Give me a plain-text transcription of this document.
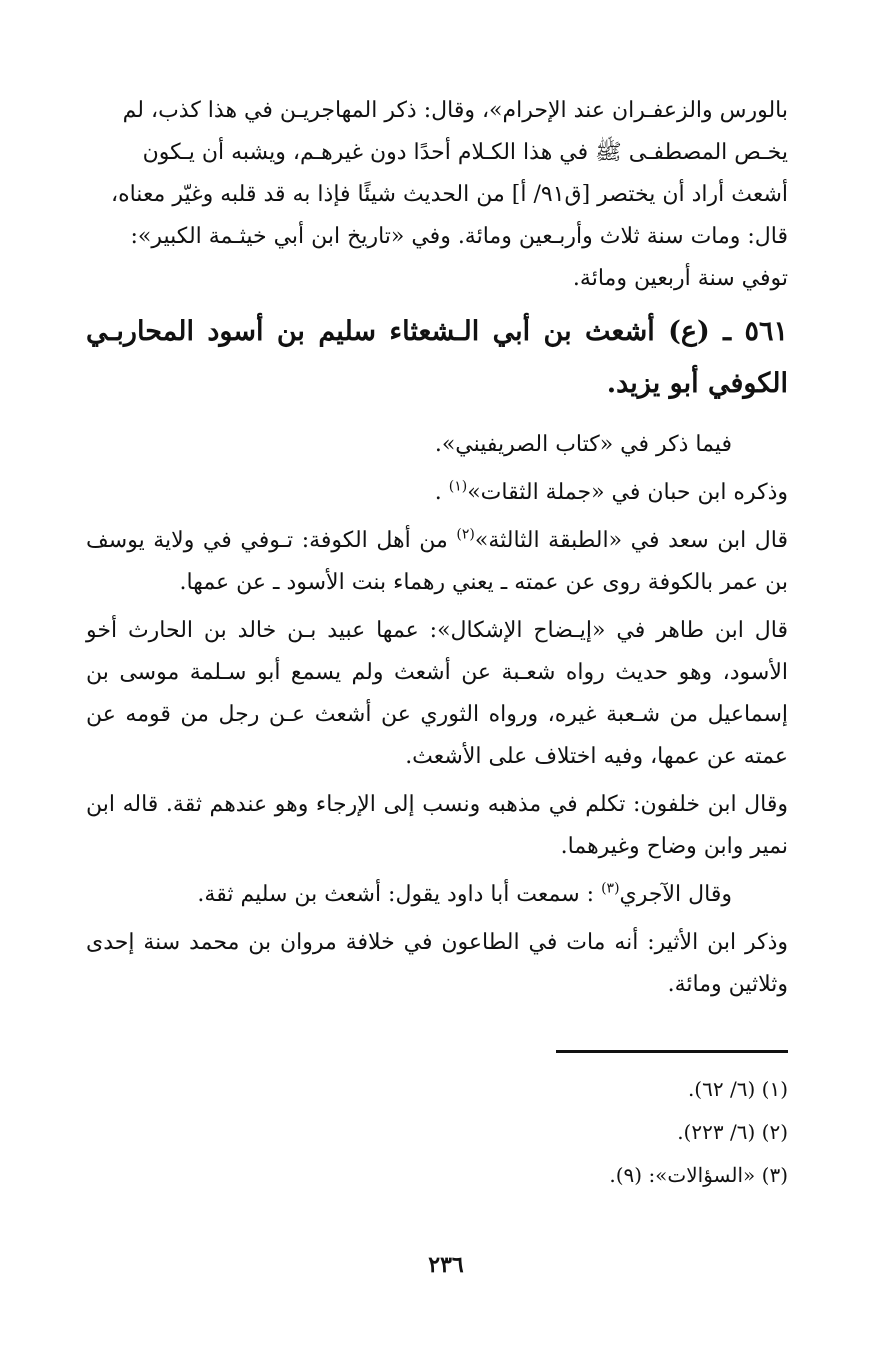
بالورس والزعفـران عند الإحرام»، وقال: ذكر المهاجريـن في هذا كذب، لم

يخـص المصطفـى ﷺ في هذا الكـلام أحدًا دون غيرهـم، ويشبه أن يـكون

أشعث أراد أن يختصر [ق٩١/ أ] من الحديث شيئًا فإذا به قد قلبه وغيّر معناه،

قال: ومات سنة ثلاث وأربـعين ومائة. وفي «تاريخ ابن أبي خيثـمة الكبير»:

توفي سنة أربعين ومائة.

٥٦١ ـ (ع) أشعث بن أبي الـشعثاء سليم بن أسود المحاربـي الكوفي أبو يزيد.

فيما ذكر في «كتاب الصريفيني».

وذكره ابن حبان في «جملة الثقات»$^{(١)}$ .

قال ابن سعد في «الطبقة الثالثة»$^{(٢)}$ من أهل الكوفة: تـوفي في ولاية يوسف بن عمر بالكوفة روى عن عمته ـ يعني رهماء بنت الأسود ـ عن عمها.

قال ابن طاهر في «إيـضاح الإشكال»: عمها عبيد بـن خالد بن الحارث أخو الأسود، وهو حديث رواه شعـبة عن أشعث ولم يسمع أبو سـلمة موسى بن إسماعيل من شـعبة غيره، ورواه الثوري عن أشعث عـن رجل من قومه عن عمته عن عمها، وفيه اختلاف على الأشعث.

وقال ابن خلفون: تكلم في مذهبه ونسب إلى الإرجاء وهو عندهم ثقة. قاله ابن نمير وابن وضاح وغيرهما.

وقال الآجري$^{(٣)}$ : سمعت أبا داود يقول: أشعث بن سليم ثقة.

وذكر ابن الأثير: أنه مات في الطاعون في خلافة مروان بن محمد سنة إحدى وثلاثين ومائة.

(١) (٦/ ٦٢).

(٢) (٦/ ٢٢٣).

(٣) «السؤالات»: (٩).

٢٣٦
